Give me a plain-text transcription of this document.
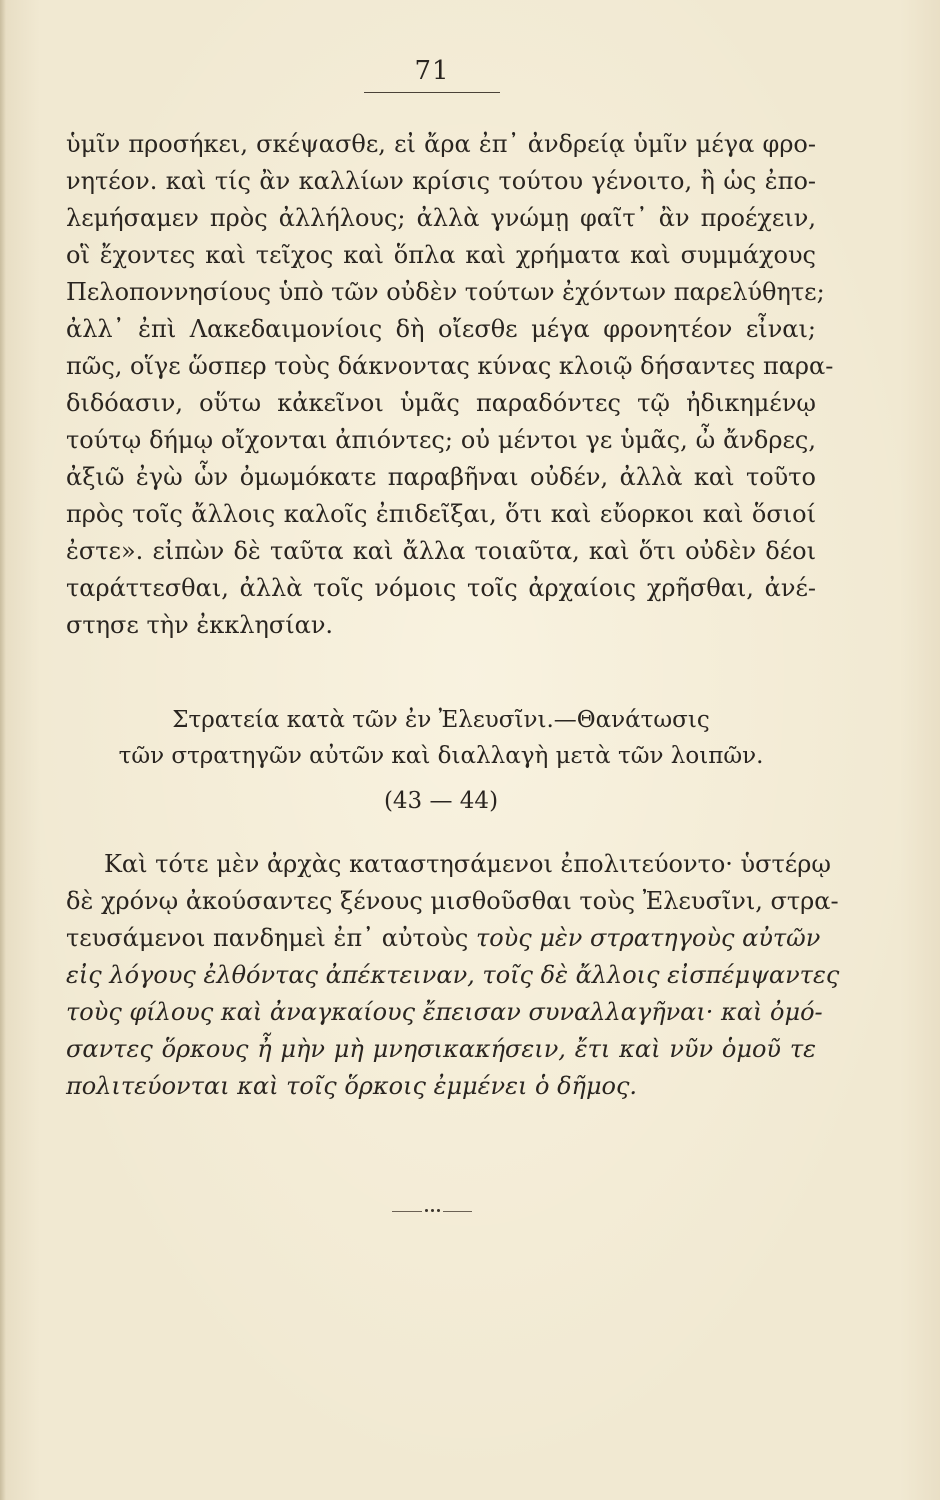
71
ὑμῖν προσήκει, σκέψασθε, εἰ ἄρα ἐπ᾽ ἀνδρείᾳ ὑμῖν μέγα φρο-
νητέον. καὶ τίς ἂν καλλίων κρίσις τούτου γένοιτο, ἢ ὡς ἐπο-
λεμήσαμεν πρὸς ἀλλήλους; ἀλλὰ γνώμῃ φαῖτ᾽ ἂν προέχειν,
οἳ ἔχοντες καὶ τεῖχος καὶ ὅπλα καὶ χρήματα καὶ συμμάχους
Πελοποννησίους ὑπὸ τῶν οὐδὲν τούτων ἐχόντων παρελύθητε;
ἀλλ᾽ ἐπὶ Λακεδαιμονίοις δὴ οἴεσθε μέγα φρονητέον εἶναι;
πῶς, οἵγε ὥσπερ τοὺς δάκνοντας κύνας κλοιῷ δήσαντες παρα-
διδόασιν, οὕτω κἀκεῖνοι ὑμᾶς παραδόντες τῷ ἠδικημένῳ
τούτῳ δήμῳ οἴχονται ἀπιόντες; οὐ μέντοι γε ὑμᾶς, ὦ ἄνδρες,
ἀξιῶ ἐγὼ ὧν ὀμωμόκατε παραβῆναι οὐδέν, ἀλλὰ καὶ τοῦτο
πρὸς τοῖς ἄλλοις καλοῖς ἐπιδεῖξαι, ὅτι καὶ εὔορκοι καὶ ὅσιοί
ἐστε». εἰπὼν δὲ ταῦτα καὶ ἄλλα τοιαῦτα, καὶ ὅτι οὐδὲν δέοι
ταράττεσθαι, ἀλλὰ τοῖς νόμοις τοῖς ἀρχαίοις χρῆσθαι, ἀνέ-
στησε τὴν ἐκκλησίαν.
Στρατεία κατὰ τῶν ἐν Ἐλευσῖνι.—Θανάτωσις
τῶν στρατηγῶν αὐτῶν καὶ διαλλαγὴ μετὰ τῶν λοιπῶν.
(43 — 44)
Καὶ τότε μὲν ἀρχὰς καταστησάμενοι ἐπολιτεύοντο· ὑστέρῳ
δὲ χρόνῳ ἀκούσαντες ξένους μισθοῦσθαι τοὺς Ἐλευσῖνι, στρα-
τευσάμενοι πανδημεὶ ἐπ᾽ αὐτοὺς τοὺς μὲν στρατηγοὺς αὐτῶν
εἰς λόγους ἐλθόντας ἀπέκτειναν, τοῖς δὲ ἄλλοις εἰσπέμψαντες
τοὺς φίλους καὶ ἀναγκαίους ἔπεισαν συναλλαγῆναι· καὶ ὀμό-
σαντες ὅρκους ἦ μὴν μὴ μνησικακήσειν, ἔτι καὶ νῦν ὁμοῦ τε
πολιτεύονται καὶ τοῖς ὅρκοις ἐμμένει ὁ δῆμος.
